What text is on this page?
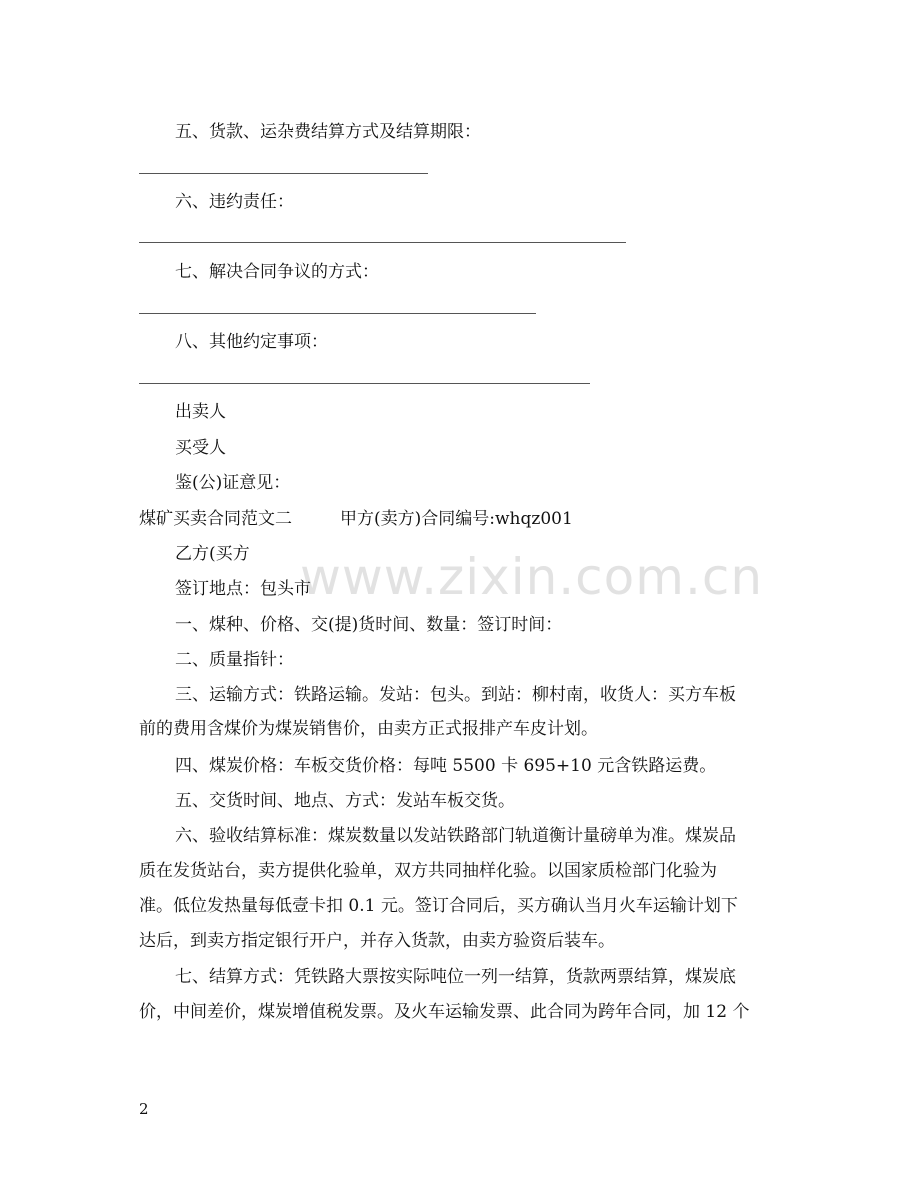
五、货款、运杂费结算方式及结算期限：
六、违约责任：
七、解决合同争议的方式：
八、其他约定事项：
出卖人
买受人
鉴(公)证意见：
煤矿买卖合同范文二	甲方(卖方)合同编号:whqz001
乙方(买方
签订地点：包头市
一、煤种、价格、交(提)货时间、数量：签订时间：
二、质量指针：
三、运输方式：铁路运输。发站：包头。到站：柳村南，收货人：买方车板
前的费用含煤价为煤炭销售价，由卖方正式报排产车皮计划。
四、煤炭价格：车板交货价格：每吨 5500 卡 695+10 元含铁路运费。
五、交货时间、地点、方式：发站车板交货。
六、验收结算标准：煤炭数量以发站铁路部门轨道衡计量磅单为准。煤炭品
质在发货站台，卖方提供化验单，双方共同抽样化验。以国家质检部门化验为
准。低位发热量每低壹卡扣 0.1 元。签订合同后，买方确认当月火车运输计划下
达后，到卖方指定银行开户，并存入货款，由卖方验资后装车。
七、结算方式：凭铁路大票按实际吨位一列一结算，货款两票结算，煤炭底
价，中间差价，煤炭增值税发票。及火车运输发票、此合同为跨年合同，加 12 个
www.zixin.com.cn
2
